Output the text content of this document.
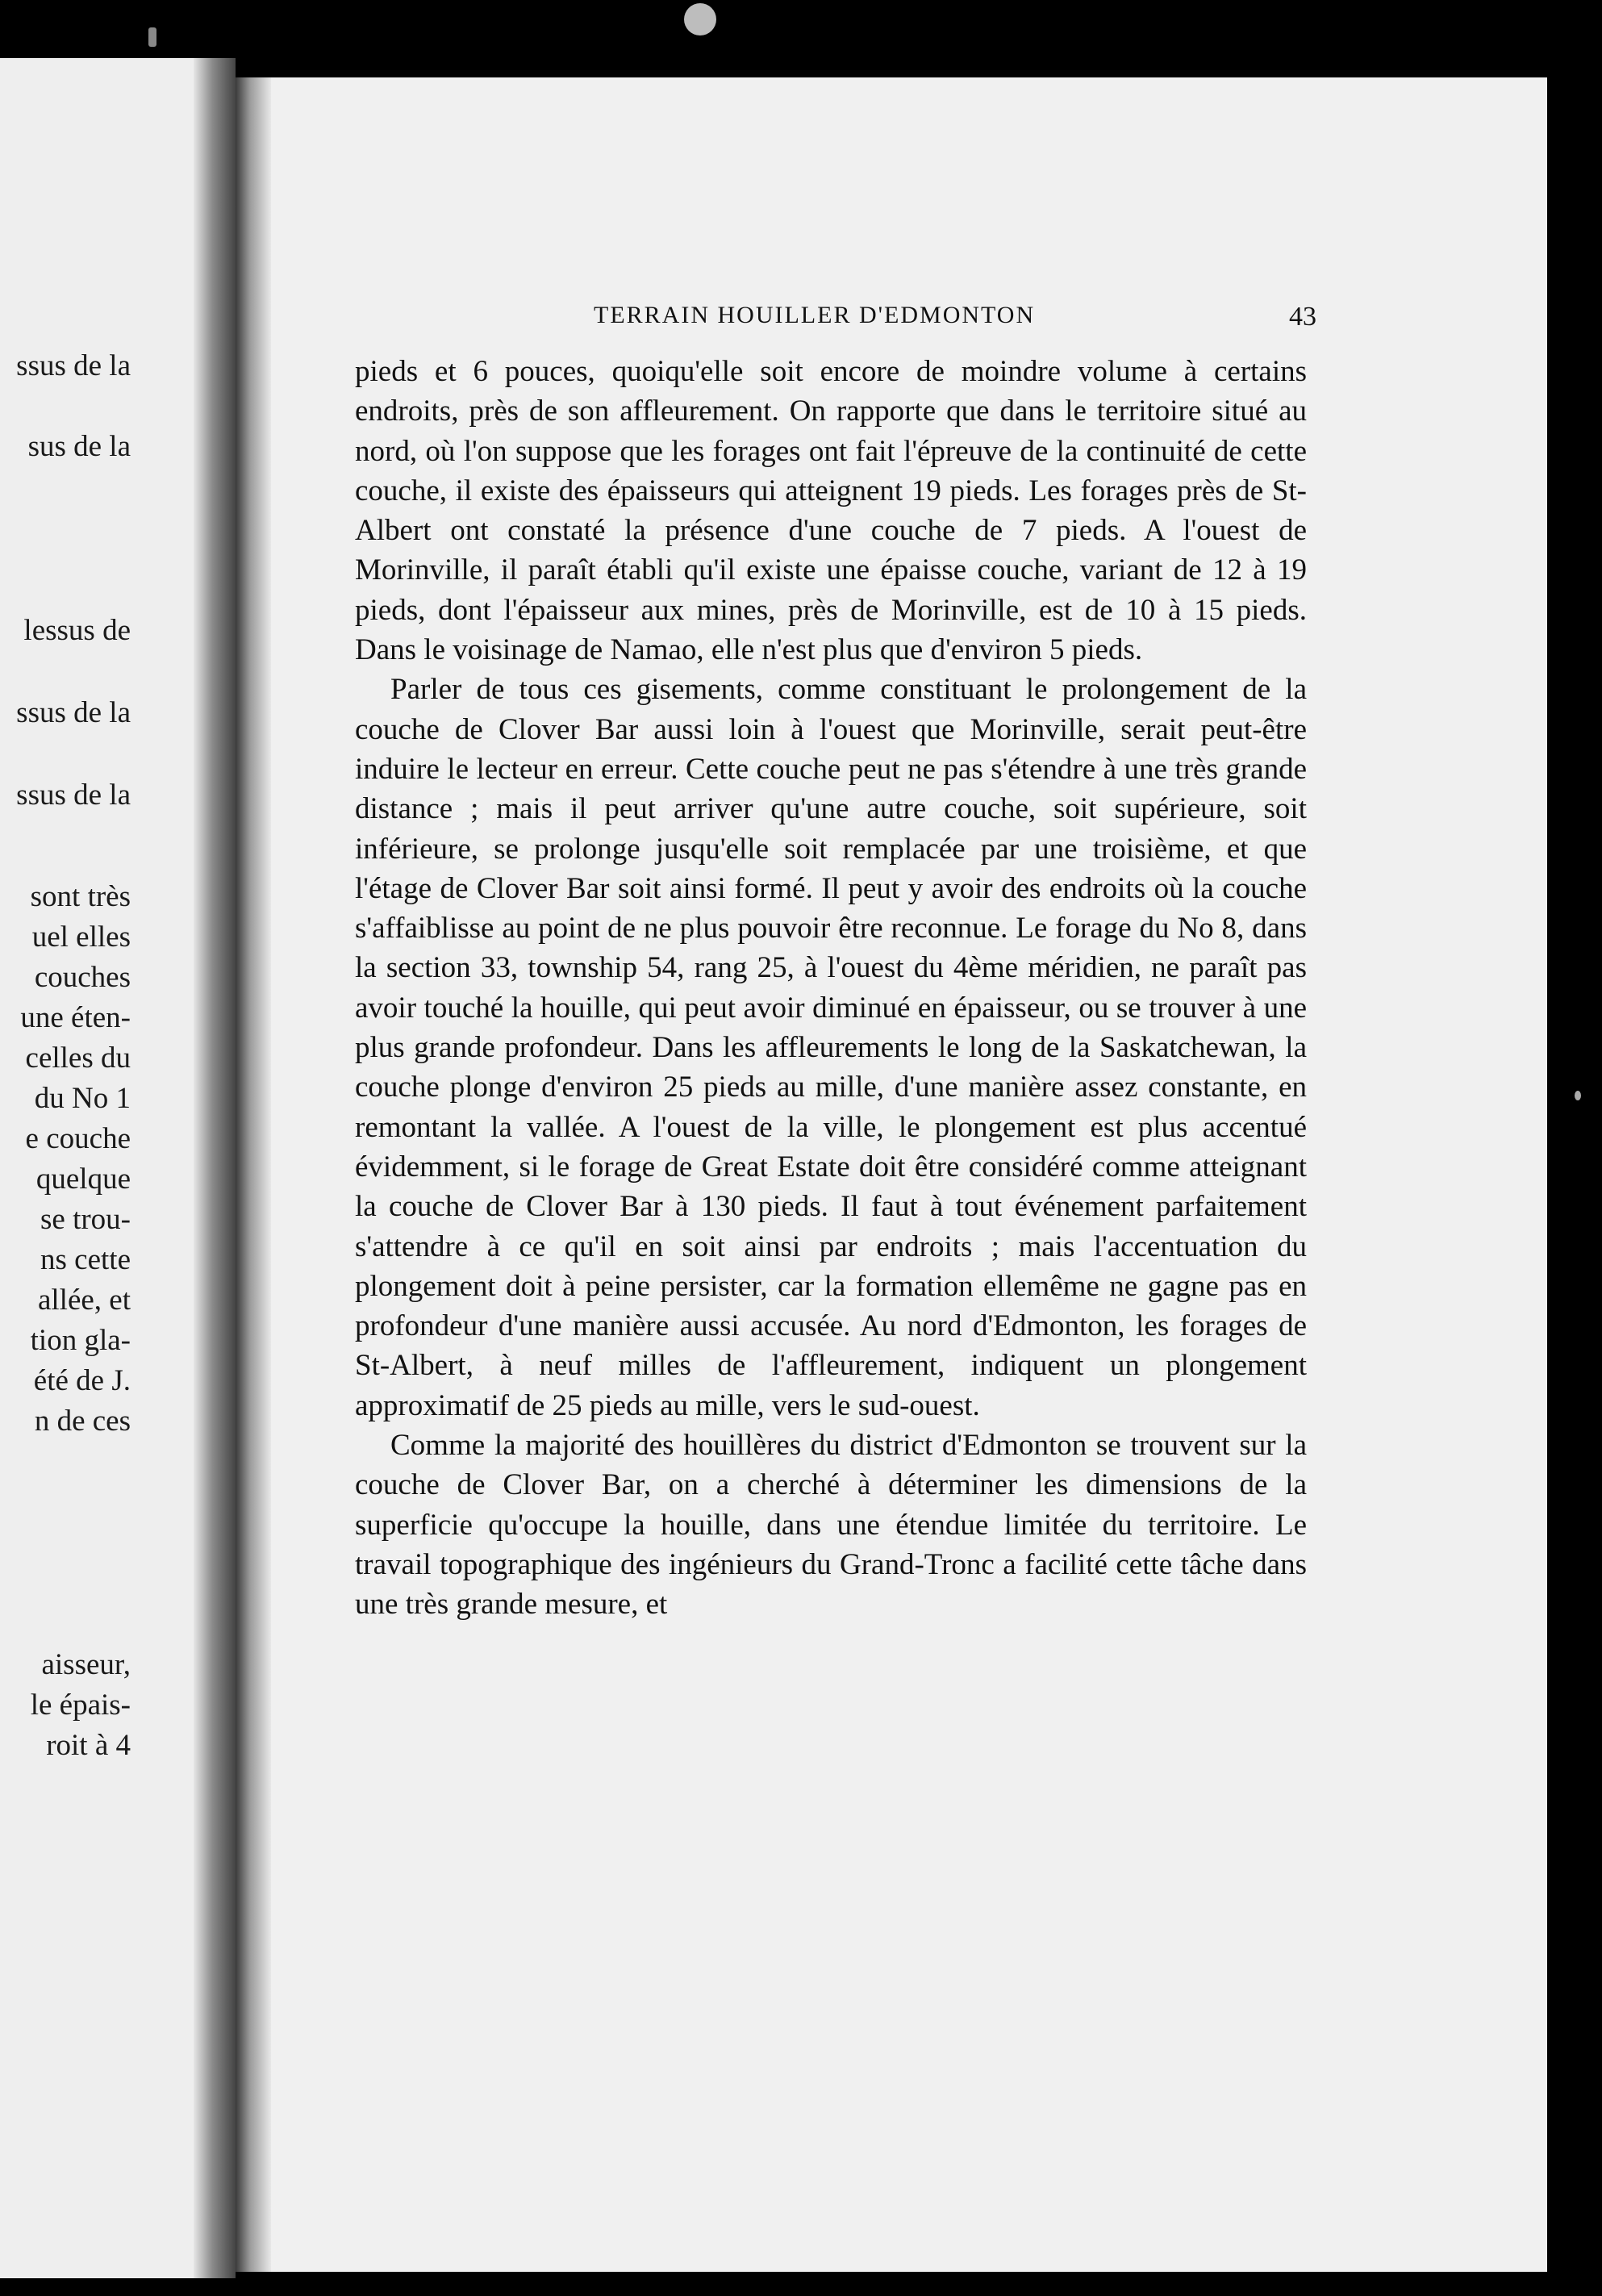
ssus de la
sus de la
lessus de
ssus de la
ssus de la
sont très
uel elles
couches
une éten-
celles du
du No 1
e couche
quelque
se trou-
ns cette
allée, et
tion gla-
été de J.
n de ces
aisseur,
le épais-
roit à 4
TERRAIN HOUILLER D'EDMONTON	43

pieds et 6 pouces, quoiqu'elle soit encore de moindre volume à certains endroits, près de son affleurement. On rapporte que dans le territoire situé au nord, où l'on suppose que les forages ont fait l'épreuve de la continuité de cette couche, il existe des épaisseurs qui atteignent 19 pieds. Les forages près de St-Albert ont constaté la présence d'une couche de 7 pieds. A l'ouest de Morinville, il paraît établi qu'il existe une épaisse couche, variant de 12 à 19 pieds, dont l'épaisseur aux mines, près de Morinville, est de 10 à 15 pieds. Dans le voisinage de Namao, elle n'est plus que d'environ 5 pieds.

Parler de tous ces gisements, comme constituant le prolongement de la couche de Clover Bar aussi loin à l'ouest que Morinville, serait peut-être induire le lecteur en erreur. Cette couche peut ne pas s'étendre à une très grande distance ; mais il peut arriver qu'une autre couche, soit supérieure, soit inférieure, se prolonge jusqu'elle soit remplacée par une troisième, et que l'étage de Clover Bar soit ainsi formé. Il peut y avoir des endroits où la couche s'affaiblisse au point de ne plus pouvoir être reconnue. Le forage du No 8, dans la section 33, township 54, rang 25, à l'ouest du 4ème méridien, ne paraît pas avoir touché la houille, qui peut avoir diminué en épaisseur, ou se trouver à une plus grande profondeur. Dans les affleurements le long de la Saskatchewan, la couche plonge d'environ 25 pieds au mille, d'une manière assez constante, en remontant la vallée. A l'ouest de la ville, le plongement est plus accentué évidemment, si le forage de Great Estate doit être considéré comme atteignant la couche de Clover Bar à 130 pieds. Il faut à tout événement parfaitement s'attendre à ce qu'il en soit ainsi par endroits ; mais l'accentuation du plongement doit à peine persister, car la formation ellemême ne gagne pas en profondeur d'une manière aussi accusée. Au nord d'Edmonton, les forages de St-Albert, à neuf milles de l'affleurement, indiquent un plongement approximatif de 25 pieds au mille, vers le sud-ouest.

Comme la majorité des houillères du district d'Edmonton se trouvent sur la couche de Clover Bar, on a cherché à déterminer les dimensions de la superficie qu'occupe la houille, dans une étendue limitée du territoire. Le travail topographique des ingénieurs du Grand-Tronc a facilité cette tâche dans une très grande mesure, et
